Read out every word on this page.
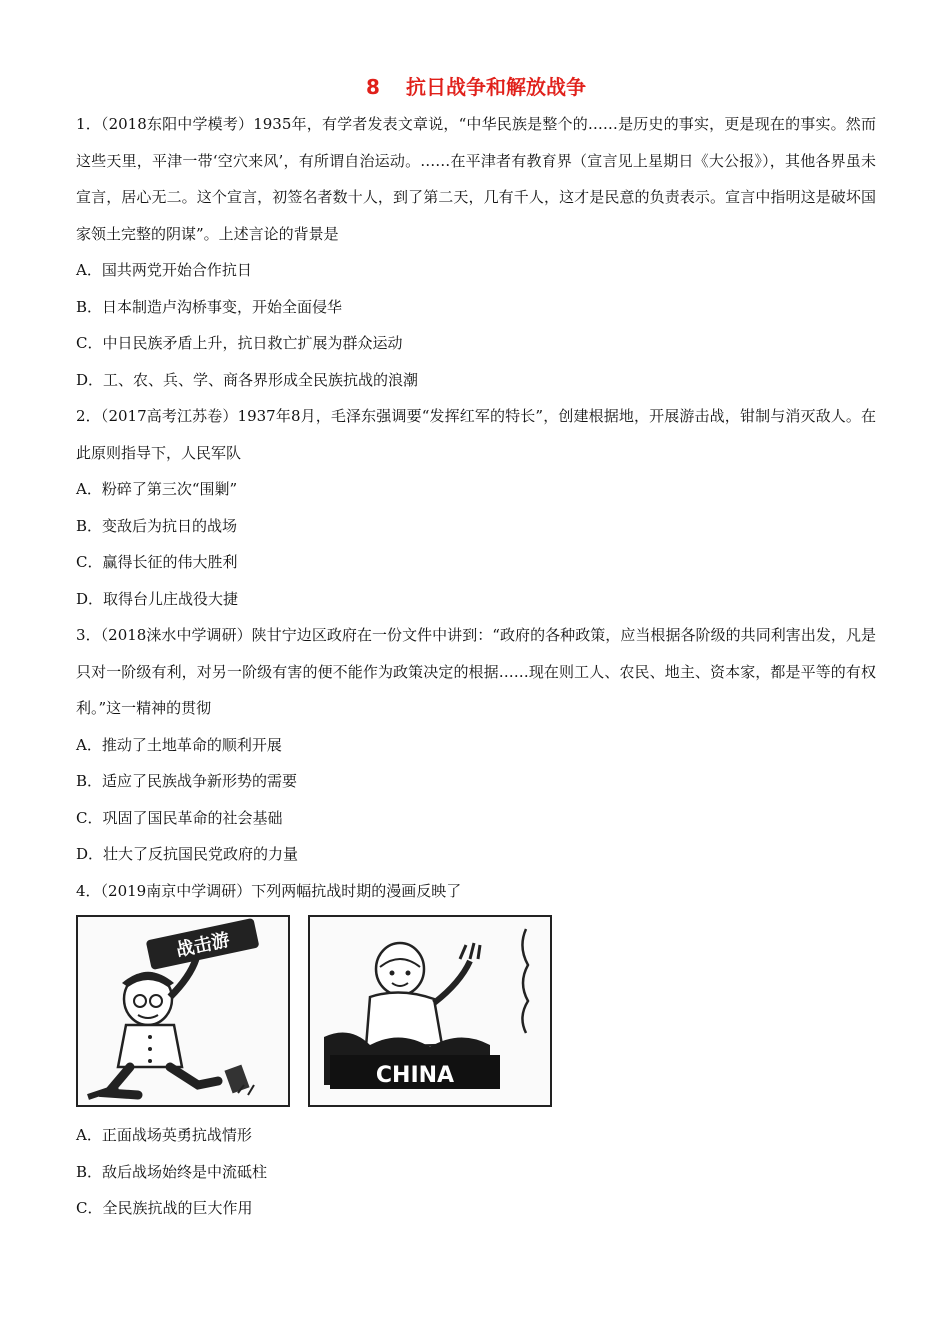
8 抗日战争和解放战争
1．（2018东阳中学模考）1935年，有学者发表文章说，“中华民族是整个的……是历史的事实，更是现在的事实。然而这些天里，平津一带‘空穴来风’，有所谓自治运动。……在平津者有教育界（宣言见上星期日《大公报》），其他各界虽未宣言，居心无二。这个宣言，初签名者数十人，到了第二天，几有千人，这才是民意的负责表示。宣言中指明这是破坏国家领土完整的阴谋”。上述言论的背景是
A．国共两党开始合作抗日
B．日本制造卢沟桥事变，开始全面侵华
C．中日民族矛盾上升，抗日救亡扩展为群众运动
D．工、农、兵、学、商各界形成全民族抗战的浪潮
2．（2017高考江苏卷）1937年8月，毛泽东强调要“发挥红军的特长”，创建根据地，开展游击战，钳制与消灭敌人。在此原则指导下，人民军队
A．粉碎了第三次“围剿”
B．变敌后为抗日的战场
C．赢得长征的伟大胜利
D．取得台儿庄战役大捷
3．（2018涞水中学调研）陕甘宁边区政府在一份文件中讲到：“政府的各种政策，应当根据各阶级的共同利害出发，凡是只对一阶级有利，对另一阶级有害的便不能作为政策决定的根据……现在则工人、农民、地主、资本家，都是平等的有权利。”这一精神的贯彻
A．推动了土地革命的顺利开展
B．适应了民族战争新形势的需要
C．巩固了国民革命的社会基础
D．壮大了反抗国民党政府的力量
4．（2019南京中学调研）下列两幅抗战时期的漫画反映了
战击游
CHINA
A．正面战场英勇抗战情形
B．敌后战场始终是中流砥柱
C．全民族抗战的巨大作用
